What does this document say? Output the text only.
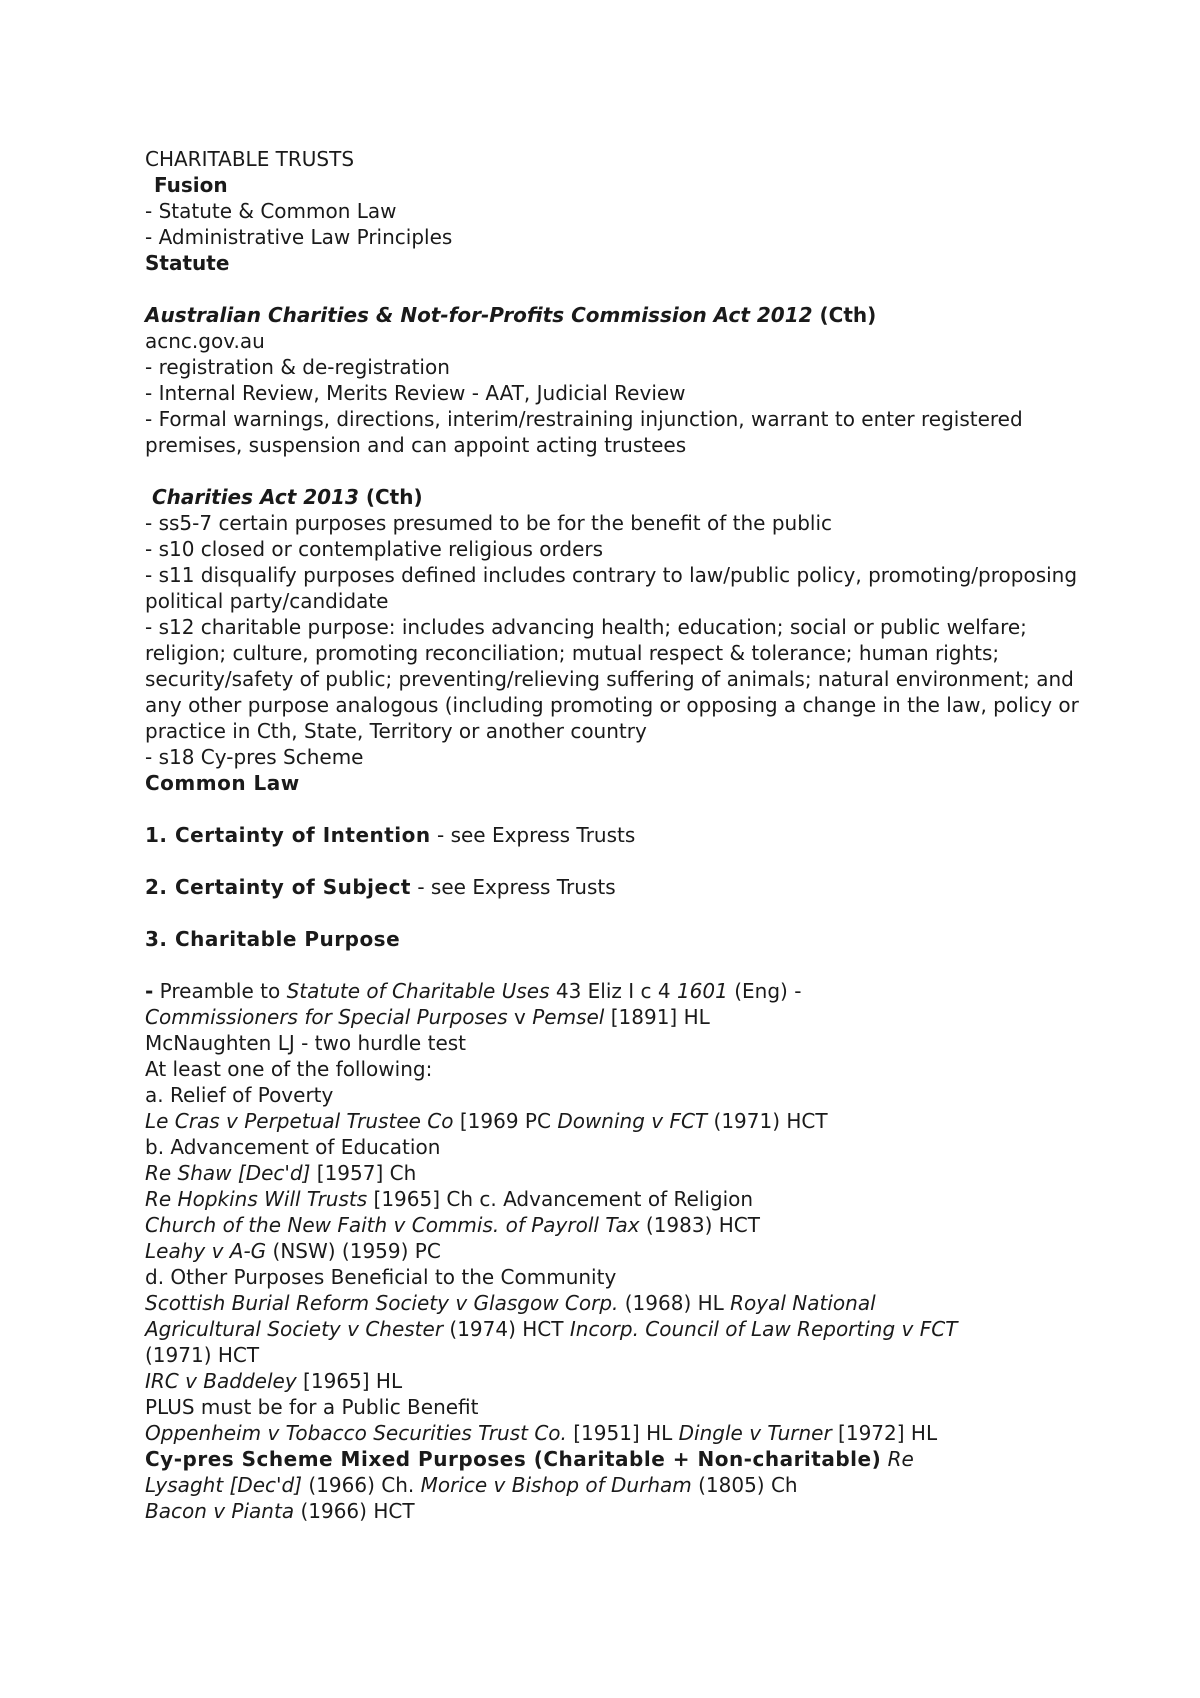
CHARITABLE TRUSTS
Fusion
- Statute & Common Law
- Administrative Law Principles
Statute
Australian Charities & Not-for-Profits Commission Act 2012 (Cth)
acnc.gov.au
- registration & de-registration
- Internal Review, Merits Review - AAT, Judicial Review
- Formal warnings, directions, interim/restraining injunction, warrant to enter registered premises, suspension and can appoint acting trustees
Charities Act 2013 (Cth)
- ss5-7 certain purposes presumed to be for the benefit of the public
- s10 closed or contemplative religious orders
- s11 disqualify purposes defined includes contrary to law/public policy, promoting/proposing political party/candidate
- s12 charitable purpose: includes advancing health; education; social or public welfare; religion; culture, promoting reconciliation; mutual respect & tolerance; human rights; security/safety of public; preventing/relieving suffering of animals; natural environment; and any other purpose analogous (including promoting or opposing a change in the law, policy or practice in Cth, State, Territory or another country
- s18 Cy-pres Scheme
Common Law
1. Certainty of Intention - see Express Trusts
2. Certainty of Subject - see Express Trusts
3. Charitable Purpose
- Preamble to Statute of Charitable Uses 43 Eliz I c 4 1601 (Eng) -
Commissioners for Special Purposes v Pemsel [1891] HL
McNaughten LJ - two hurdle test
At least one of the following:
a. Relief of Poverty
Le Cras v Perpetual Trustee Co [1969 PC Downing v FCT (1971) HCT
b. Advancement of Education
Re Shaw [Dec'd] [1957] Ch
Re Hopkins Will Trusts [1965] Ch c. Advancement of Religion
Church of the New Faith v Commis. of Payroll Tax (1983) HCT
Leahy v A-G (NSW) (1959) PC
d. Other Purposes Beneficial to the Community
Scottish Burial Reform Society v Glasgow Corp. (1968) HL Royal National
Agricultural Society v Chester (1974) HCT Incorp. Council of Law Reporting v FCT
(1971) HCT
IRC v Baddeley [1965] HL
PLUS must be for a Public Benefit
Oppenheim v Tobacco Securities Trust Co. [1951] HL Dingle v Turner [1972] HL
Cy-pres Scheme Mixed Purposes (Charitable + Non-charitable) Re
Lysaght [Dec'd] (1966) Ch. Morice v Bishop of Durham (1805) Ch
Bacon v Pianta (1966) HCT
